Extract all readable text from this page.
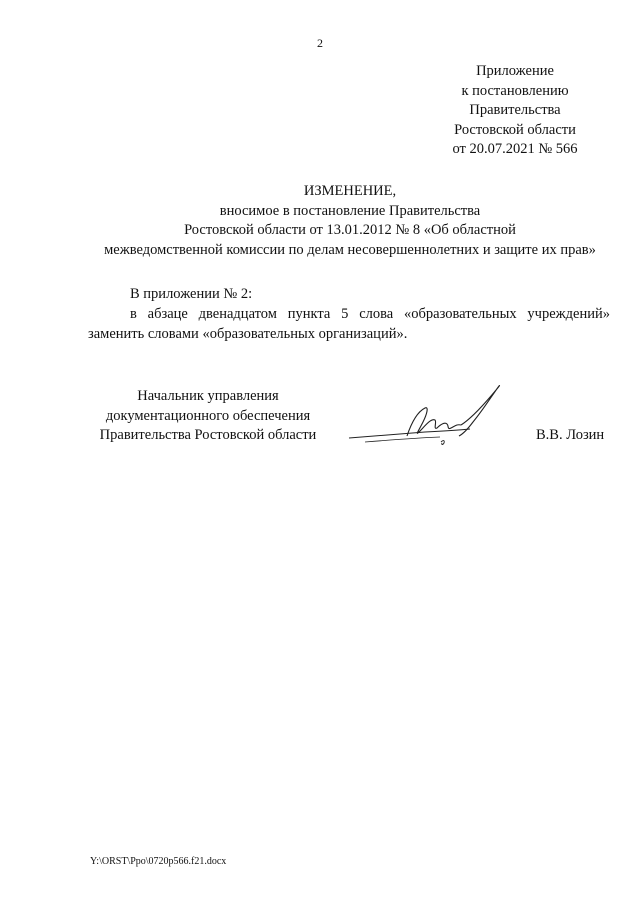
2
Приложение
к постановлению
Правительства
Ростовской области
от 20.07.2021 № 566
ИЗМЕНЕНИЕ,
вносимое в постановление Правительства
Ростовской области от 13.01.2012 № 8 «Об областной
межведомственной комиссии по делам несовершеннолетних и защите их прав»
В приложении № 2:
в абзаце двенадцатом пункта 5 слова «образовательных учреждений»
заменить словами «образовательных организаций».
Начальник управления
документационного обеспечения
Правительства Ростовской области	В.В. Лозин
Y:\ORST\Ppo\0720p566.f21.docx
